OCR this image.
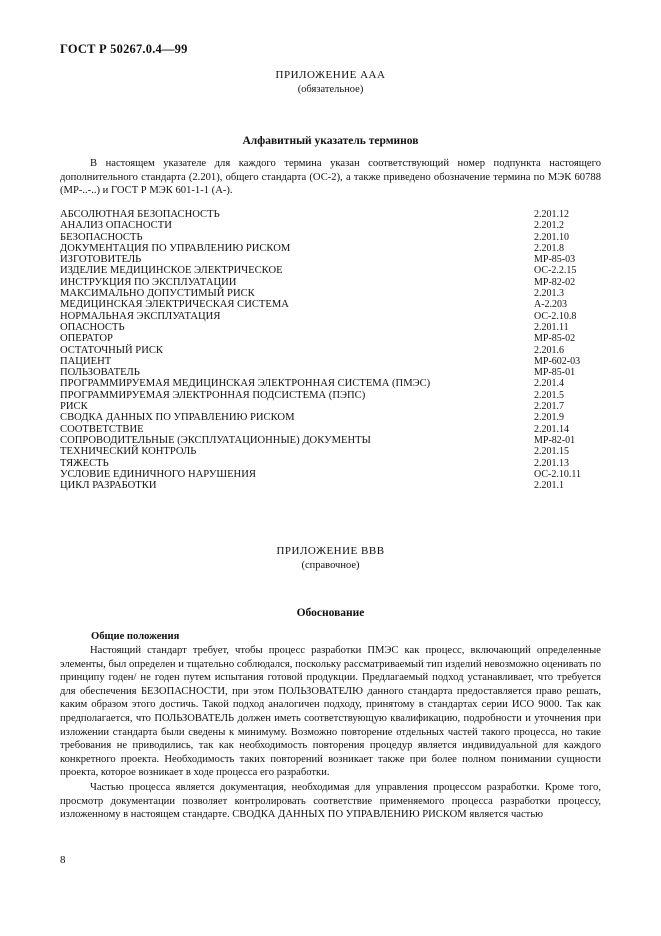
ГОСТ Р 50267.0.4—99
ПРИЛОЖЕНИЕ ААА
(обязательное)
Алфавитный указатель терминов
В настоящем указателе для каждого термина указан соответствующий номер подпункта настоящего дополнительного стандарта (2.201), общего стандарта (ОС-2), а также приведено обозначение термина по МЭК 60788 (МР-..-..) и ГОСТ Р МЭК 601-1-1 (А-).
АБСОЛЮТНАЯ БЕЗОПАСНОСТЬ	2.201.12
АНАЛИЗ ОПАСНОСТИ	2.201.2
БЕЗОПАСНОСТЬ	2.201.10
ДОКУМЕНТАЦИЯ ПО УПРАВЛЕНИЮ РИСКОМ	2.201.8
ИЗГОТОВИТЕЛЬ	МР-85-03
ИЗДЕЛИЕ МЕДИЦИНСКОЕ ЭЛЕКТРИЧЕСКОЕ	ОС-2.2.15
ИНСТРУКЦИЯ ПО ЭКСПЛУАТАЦИИ	МР-82-02
МАКСИМАЛЬНО ДОПУСТИМЫЙ РИСК	2.201.3
МЕДИЦИНСКАЯ ЭЛЕКТРИЧЕСКАЯ СИСТЕМА	А-2.203
НОРМАЛЬНАЯ ЭКСПЛУАТАЦИЯ	ОС-2.10.8
ОПАСНОСТЬ	2.201.11
ОПЕРАТОР	МР-85-02
ОСТАТОЧНЫЙ РИСК	2.201.6
ПАЦИЕНТ	МР-602-03
ПОЛЬЗОВАТЕЛЬ	МР-85-01
ПРОГРАММИРУЕМАЯ МЕДИЦИНСКАЯ ЭЛЕКТРОННАЯ СИСТЕМА (ПМЭС)	2.201.4
ПРОГРАММИРУЕМАЯ ЭЛЕКТРОННАЯ ПОДСИСТЕМА (ПЭПС)	2.201.5
РИСК	2.201.7
СВОДКА ДАННЫХ ПО УПРАВЛЕНИЮ РИСКОМ	2.201.9
СООТВЕТСТВИЕ	2.201.14
СОПРОВОДИТЕЛЬНЫЕ (ЭКСПЛУАТАЦИОННЫЕ) ДОКУМЕНТЫ	МР-82-01
ТЕХНИЧЕСКИЙ КОНТРОЛЬ	2.201.15
ТЯЖЕСТЬ	2.201.13
УСЛОВИЕ ЕДИНИЧНОГО НАРУШЕНИЯ	ОС-2.10.11
ЦИКЛ РАЗРАБОТКИ	2.201.1
ПРИЛОЖЕНИЕ ВВВ
(справочное)
Обоснование
Общие положения
Настоящий стандарт требует, чтобы процесс разработки ПМЭС как процесс, включающий определенные элементы, был определен и тщательно соблюдался, поскольку рассматриваемый тип изделий невозможно оценивать по принципу годен/ не годен путем испытания готовой продукции. Предлагаемый подход устанавливает, что требуется для обеспечения БЕЗОПАСНОСТИ, при этом ПОЛЬЗОВАТЕЛЮ данного стандарта предоставляется право решать, каким образом этого достичь. Такой подход аналогичен подходу, принятому в стандартах серии ИСО 9000. Так как предполагается, что ПОЛЬЗОВАТЕЛЬ должен иметь соответствующую квалификацию, подробности и уточнения при изложении стандарта были сведены к минимуму. Возможно повторение отдельных частей такого процесса, но такие требования не приводились, так как необходимость повторения процедур является индивидуальной для каждого конкретного проекта. Необходимость таких повторений возникает также при более полном понимании сущности проекта, которое возникает в ходе процесса его разработки.
Частью процесса является документация, необходимая для управления процессом разработки. Кроме того, просмотр документации позволяет контролировать соответствие применяемого процесса разработки процессу, изложенному в настоящем стандарте. СВОДКА ДАННЫХ ПО УПРАВЛЕНИЮ РИСКОМ является частью
8
